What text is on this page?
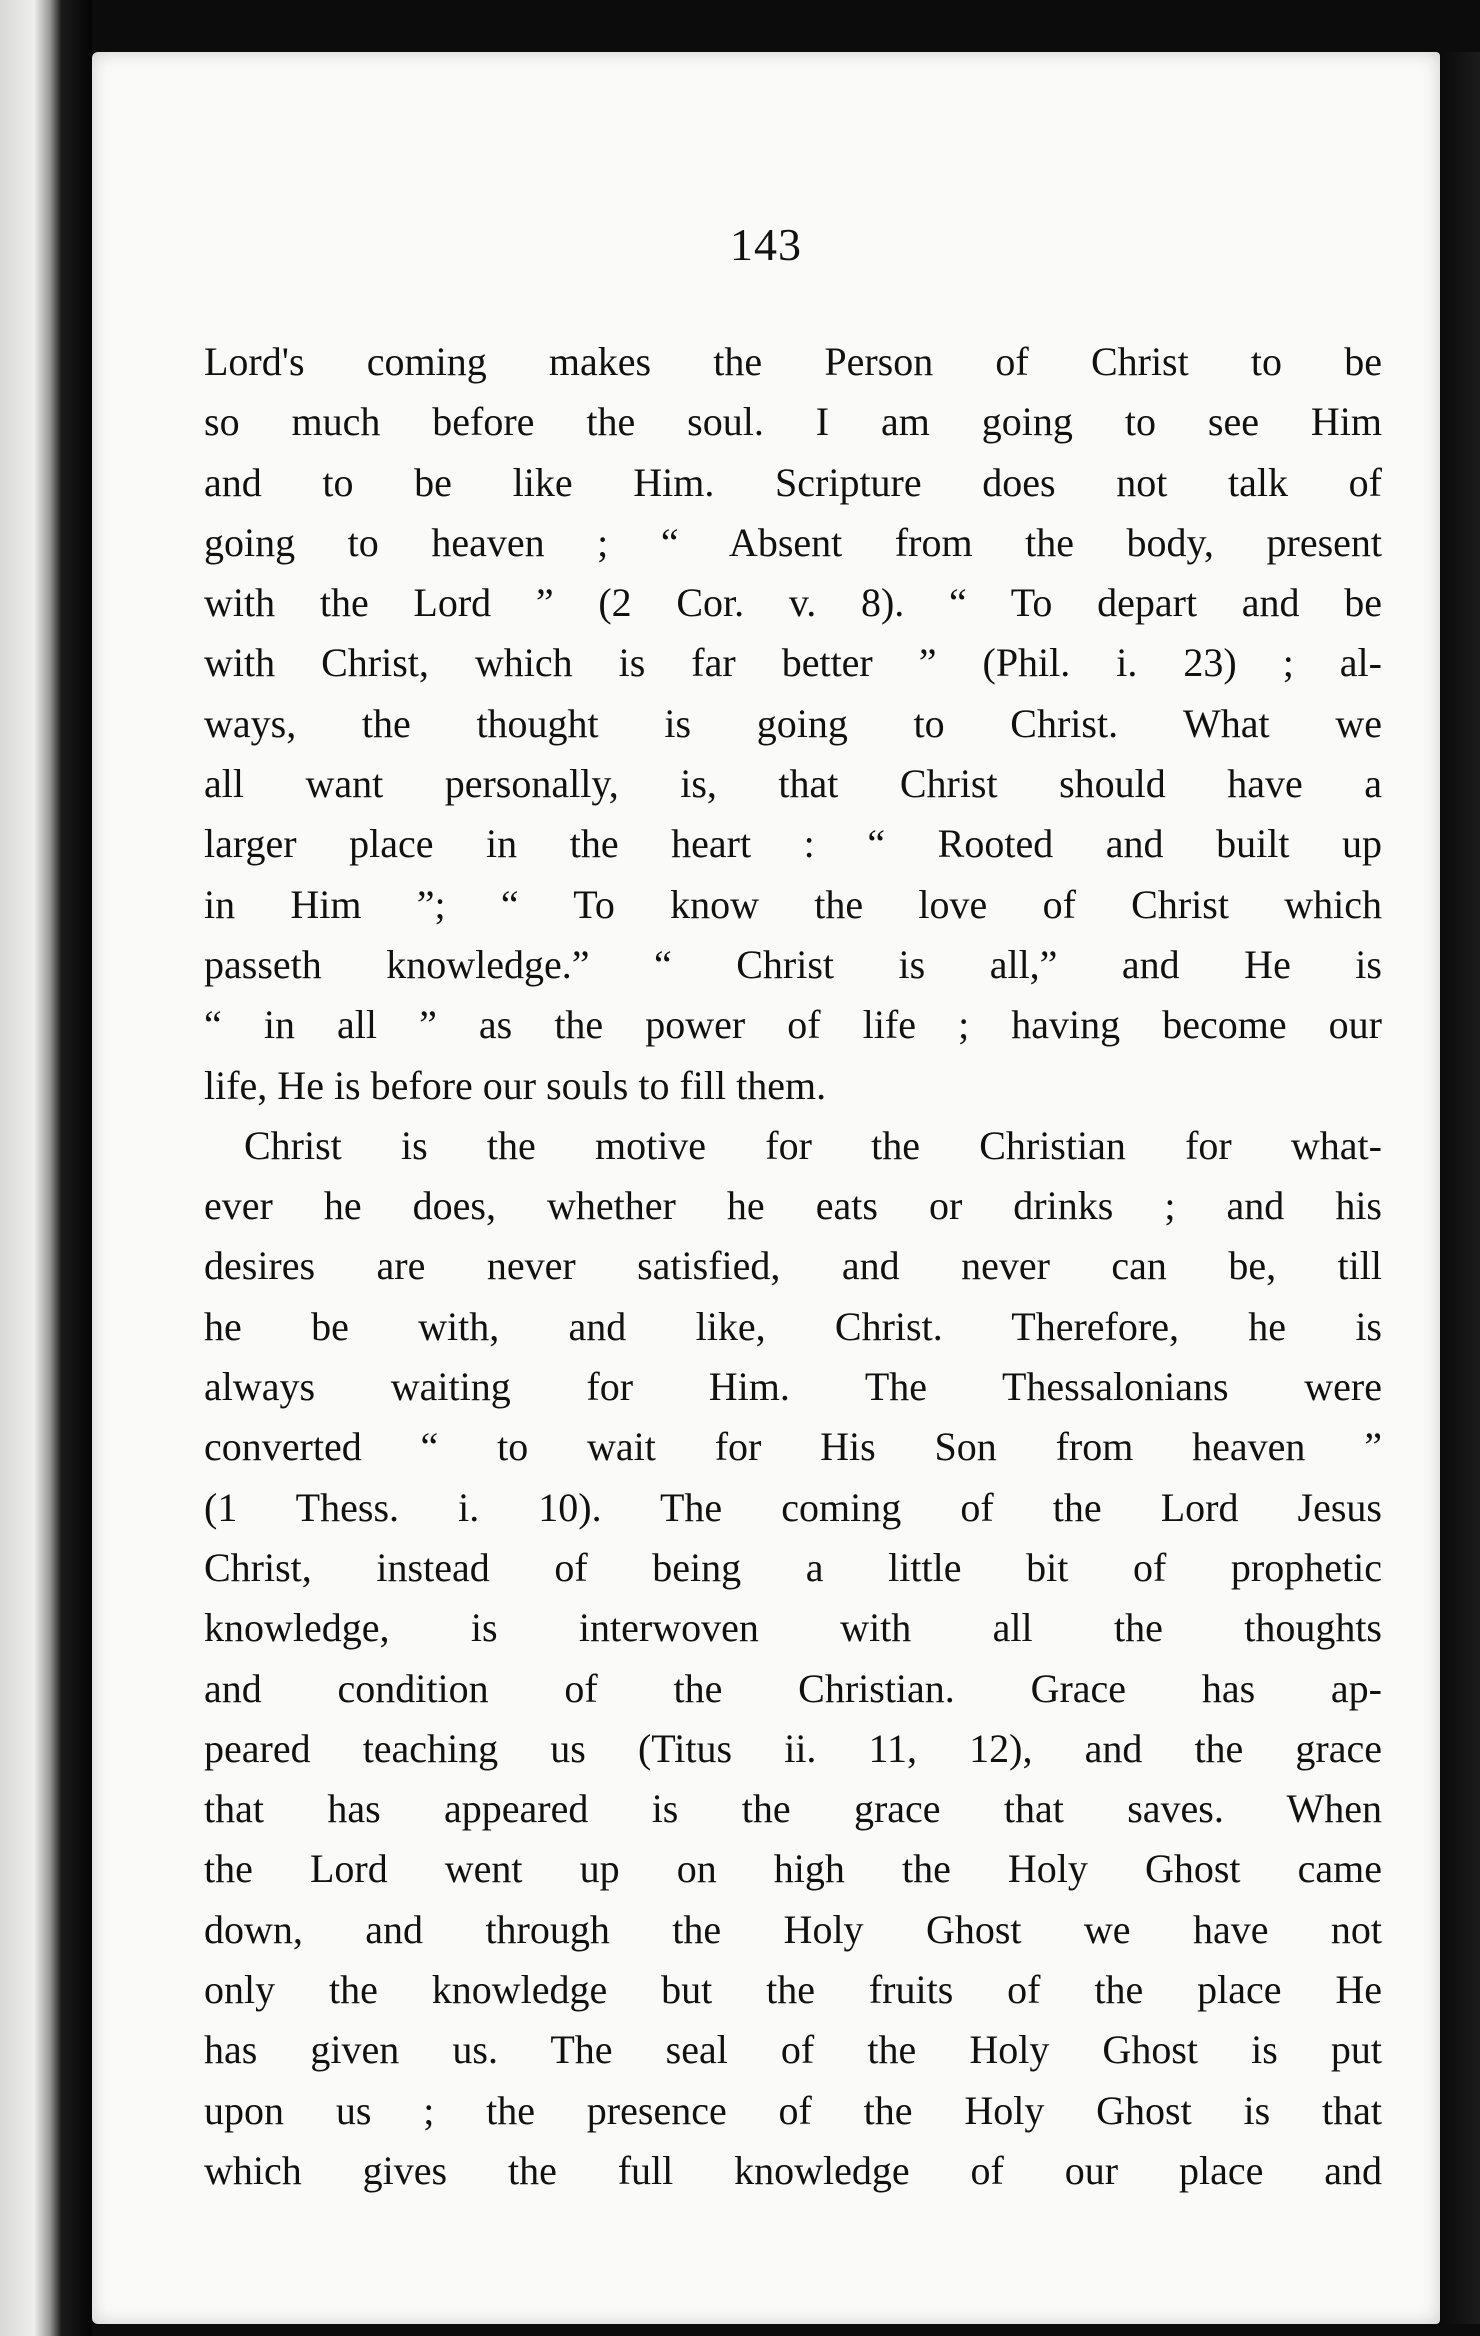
143
Lord's coming makes the Person of Christ to be
so much before the soul. I am going to see Him
and to be like Him. Scripture does not talk of
going to heaven ; “ Absent from the body, present
with the Lord ” (2 Cor. v. 8). “ To depart and be
with Christ, which is far better ” (Phil. i. 23) ; al-
ways, the thought is going to Christ. What we
all want personally, is, that Christ should have a
larger place in the heart : “ Rooted and built up
in Him ”; “ To know the love of Christ which
passeth knowledge.” “ Christ is all,” and He is
“ in all ” as the power of life ; having become our
life, He is before our souls to fill them.
Christ is the motive for the Christian for what-
ever he does, whether he eats or drinks ; and his
desires are never satisfied, and never can be, till
he be with, and like, Christ. Therefore, he is
always waiting for Him. The Thessalonians were
converted “ to wait for His Son from heaven ”
(1 Thess. i. 10). The coming of the Lord Jesus
Christ, instead of being a little bit of prophetic
knowledge, is interwoven with all the thoughts
and condition of the Christian. Grace has ap-
peared teaching us (Titus ii. 11, 12), and the grace
that has appeared is the grace that saves. When
the Lord went up on high the Holy Ghost came
down, and through the Holy Ghost we have not
only the knowledge but the fruits of the place He
has given us. The seal of the Holy Ghost is put
upon us ; the presence of the Holy Ghost is that
which gives the full knowledge of our place and
